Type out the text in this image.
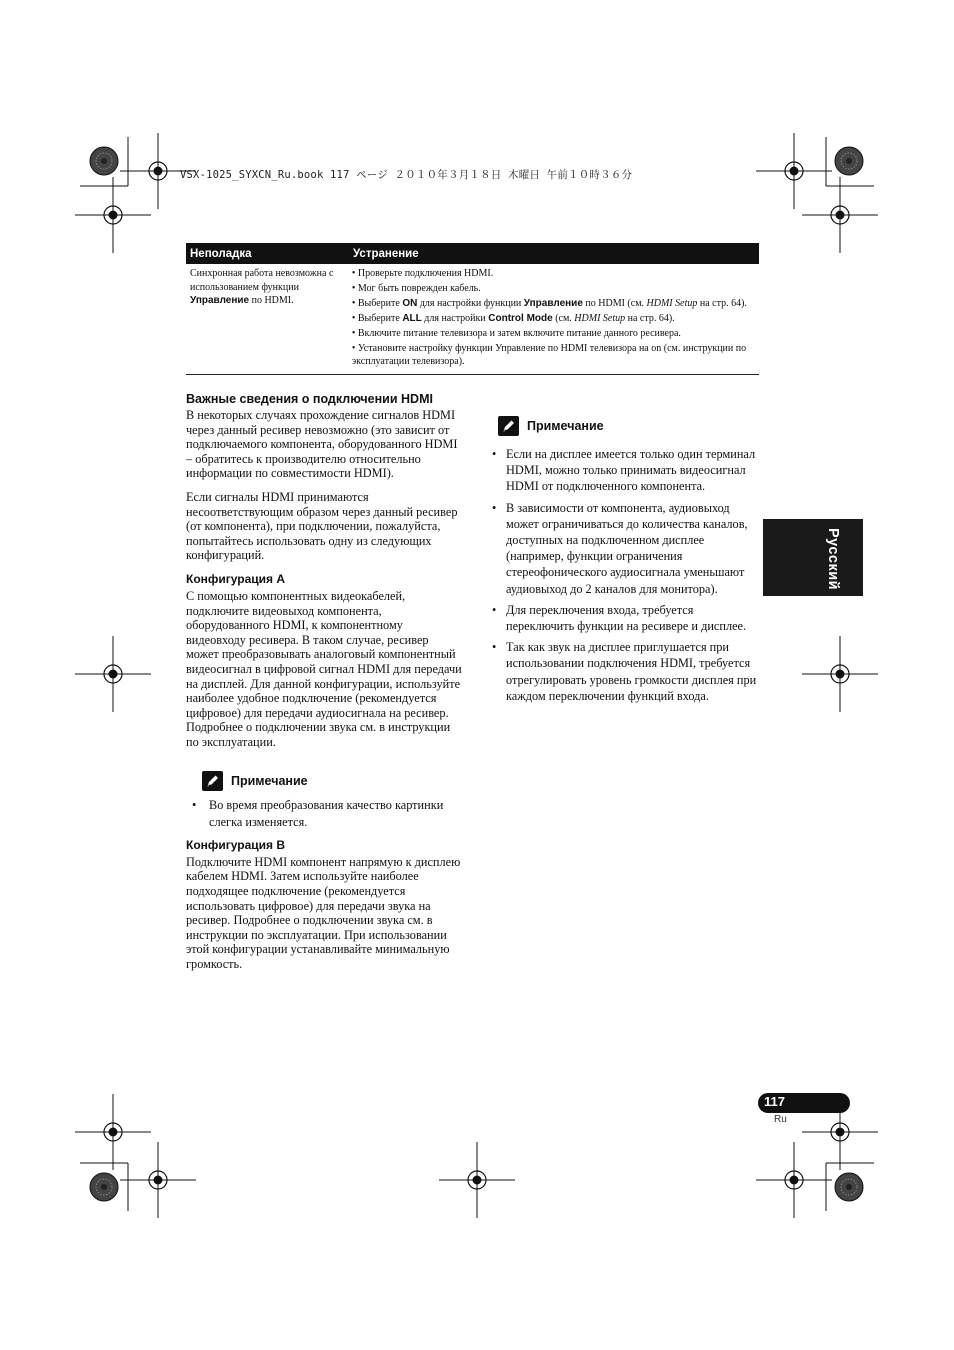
VSX-1025_SYXCN_Ru.book 117 ページ ２０１０年３月１８日 木曜日 午前１０時３６分
Неполадка	Устранение
Синхронная работа невозможна с использованием функции Управление по HDMI.
• Проверьте подключения HDMI.
• Мог быть поврежден кабель.
• Выберите ON для настройки функции Управление по HDMI (см. HDMI Setup на стр. 64).
• Выберите ALL для настройки Control Mode (см. HDMI Setup на стр. 64).
• Включите питание телевизора и затем включите питание данного ресивера.
• Установите настройку функции Управление по HDMI телевизора на on (см. инструкции по эксплуатации телевизора).
Важные сведения о подключении HDMI

В некоторых случаях прохождение сигналов HDMI через данный ресивер невозможно (это зависит от подключаемого компонента, оборудованного HDMI – обратитесь к производителю относительно информации по совместимости HDMI).

Если сигналы HDMI принимаются несоответствующим образом через данный ресивер (от компонента), при подключении, пожалуйста, попытайтесь использовать одну из следующих конфигураций.

Конфигурация А

С помощью компонентных видеокабелей, подключите видеовыход компонента, оборудованного HDMI, к компонентному видеовходу ресивера. В таком случае, ресивер может преобразовывать аналоговый компонентный видеосигнал в цифровой сигнал HDMI для передачи на дисплей. Для данной конфигурации, используйте наиболее удобное подключение (рекомендуется цифровое) для передачи аудиосигнала на ресивер. Подробнее о подключении звука см. в инструкции по эксплуатации.

Примечание
• Во время преобразования качество картинки слегка изменяется.
Конфигурация В

Подключите HDMI компонент напрямую к дисплею кабелем HDMI. Затем используйте наиболее подходящее подключение (рекомендуется использовать цифровое) для передачи звука на ресивер. Подробнее о подключении звука см. в инструкции по эксплуатации. При использовании этой конфигурации устанавливайте минимальную громкость.

Примечание
• Если на дисплее имеется только один терминал HDMI, можно только принимать видеосигнал HDMI от подключенного компонента.
• В зависимости от компонента, аудиовыход может ограничиваться до количества каналов, доступных на подключенном дисплее (например, функции ограничения стереофонического аудиосигнала уменьшают аудиовыход до 2 каналов для монитора).
• Для переключения входа, требуется переключить функции на ресивере и дисплее.
• Так как звук на дисплее приглушается при использовании подключения HDMI, требуется отрегулировать уровень громкости дисплея при каждом переключении функций входа.
Русский
117
Ru
